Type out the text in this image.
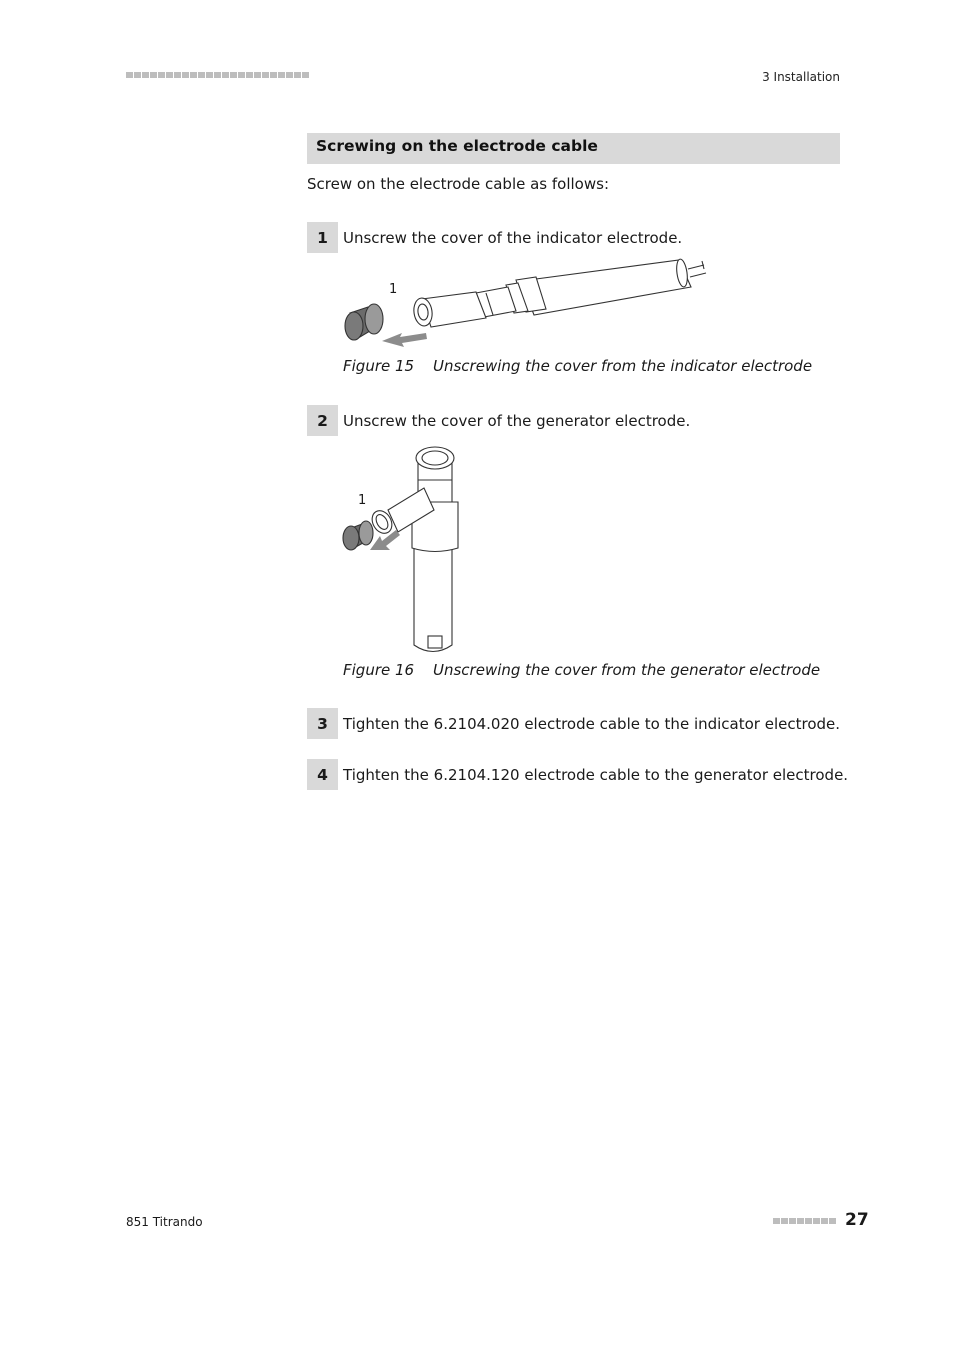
3 Installation
Screwing on the electrode cable
Screw on the electrode cable as follows:
1	Unscrew the cover of the indicator electrode.
1
Figure 15 Unscrewing the cover from the indicator electrode
2	Unscrew the cover of the generator electrode.
1
Figure 16 Unscrewing the cover from the generator electrode
3	Tighten the 6.2104.020 electrode cable to the indicator electrode.
4	Tighten the 6.2104.120 electrode cable to the generator electrode.
851 Titrando	27
